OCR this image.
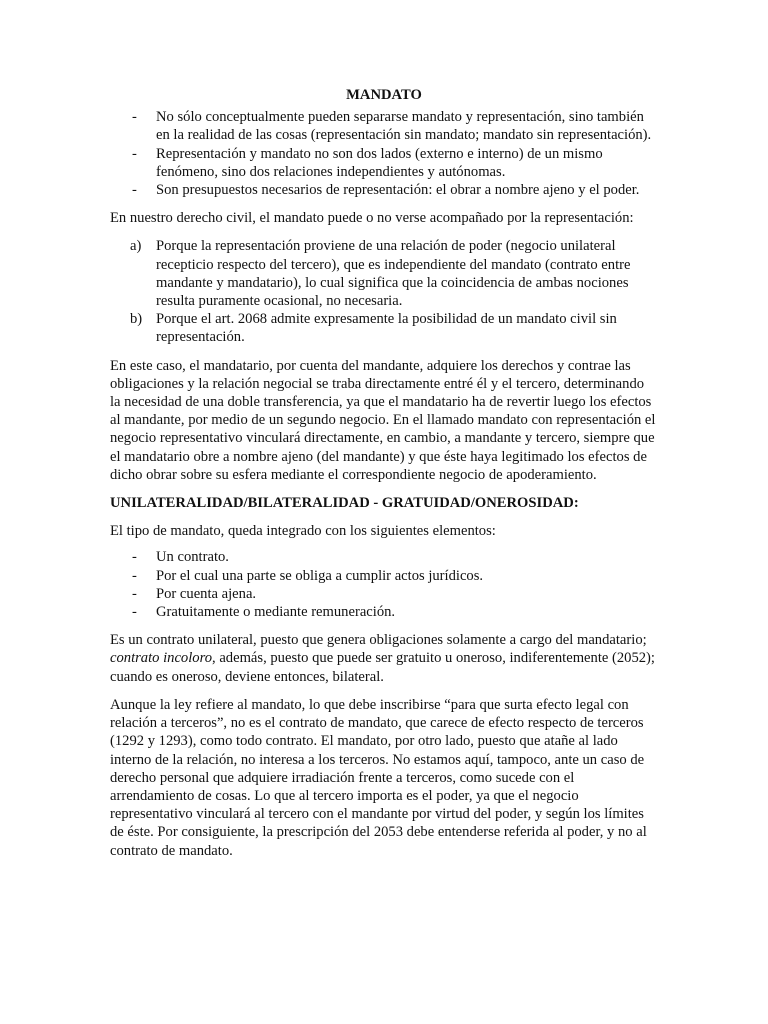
MANDATO
- No sólo conceptualmente pueden separarse mandato y representación, sino también en la realidad de las cosas (representación sin mandato; mandato sin representación).
- Representación y mandato no son dos lados (externo e interno) de un mismo fenómeno, sino dos relaciones independientes y autónomas.
- Son presupuestos necesarios de representación: el obrar a nombre ajeno y el poder.

En nuestro derecho civil, el mandato puede o no verse acompañado por la representación:

a) Porque la representación proviene de una relación de poder (negocio unilateral recepticio respecto del tercero), que es independiente del mandato (contrato entre mandante y mandatario), lo cual significa que la coincidencia de ambas nociones resulta puramente ocasional, no necesaria.
b) Porque el art. 2068 admite expresamente la posibilidad de un mandato civil sin representación.

En este caso, el mandatario, por cuenta del mandante, adquiere los derechos y contrae las obligaciones y la relación negocial se traba directamente entré él y el tercero, determinando la necesidad de una doble transferencia, ya que el mandatario ha de revertir luego los efectos al mandante, por medio de un segundo negocio. En el llamado mandato con representación el negocio representativo vinculará directamente, en cambio, a mandante y tercero, siempre que el mandatario obre a nombre ajeno (del mandante) y que éste haya legitimado los efectos de dicho obrar sobre su esfera mediante el correspondiente negocio de apoderamiento.

UNILATERALIDAD/BILATERALIDAD - GRATUIDAD/ONEROSIDAD:

El tipo de mandato, queda integrado con los siguientes elementos:

- Un contrato.
- Por el cual una parte se obliga a cumplir actos jurídicos.
- Por cuenta ajena.
- Gratuitamente o mediante remuneración.

Es un contrato unilateral, puesto que genera obligaciones solamente a cargo del mandatario; contrato incoloro, además, puesto que puede ser gratuito u oneroso, indiferentemente (2052); cuando es oneroso, deviene entonces, bilateral.

Aunque la ley refiere al mandato, lo que debe inscribirse “para que surta efecto legal con relación a terceros”, no es el contrato de mandato, que carece de efecto respecto de terceros (1292 y 1293), como todo contrato. El mandato, por otro lado, puesto que atañe al lado interno de la relación, no interesa a los terceros. No estamos aquí, tampoco, ante un caso de derecho personal que adquiere irradiación frente a terceros, como sucede con el arrendamiento de cosas. Lo que al tercero importa es el poder, ya que el negocio representativo vinculará al tercero con el mandante por virtud del poder, y según los límites de éste. Por consiguiente, la prescripción del 2053 debe entenderse referida al poder, y no al contrato de mandato.
